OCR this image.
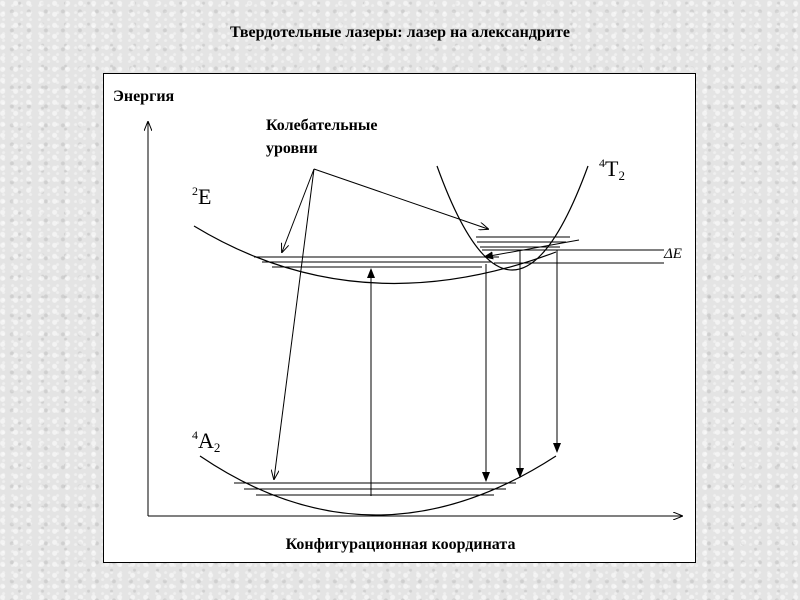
Твердотельные лазеры: лазер на александрите
Энергия
Колебательные
уровни
Конфигурационная координата
$^2$E
$^4T_2$
$^4A_2$
ΔE
